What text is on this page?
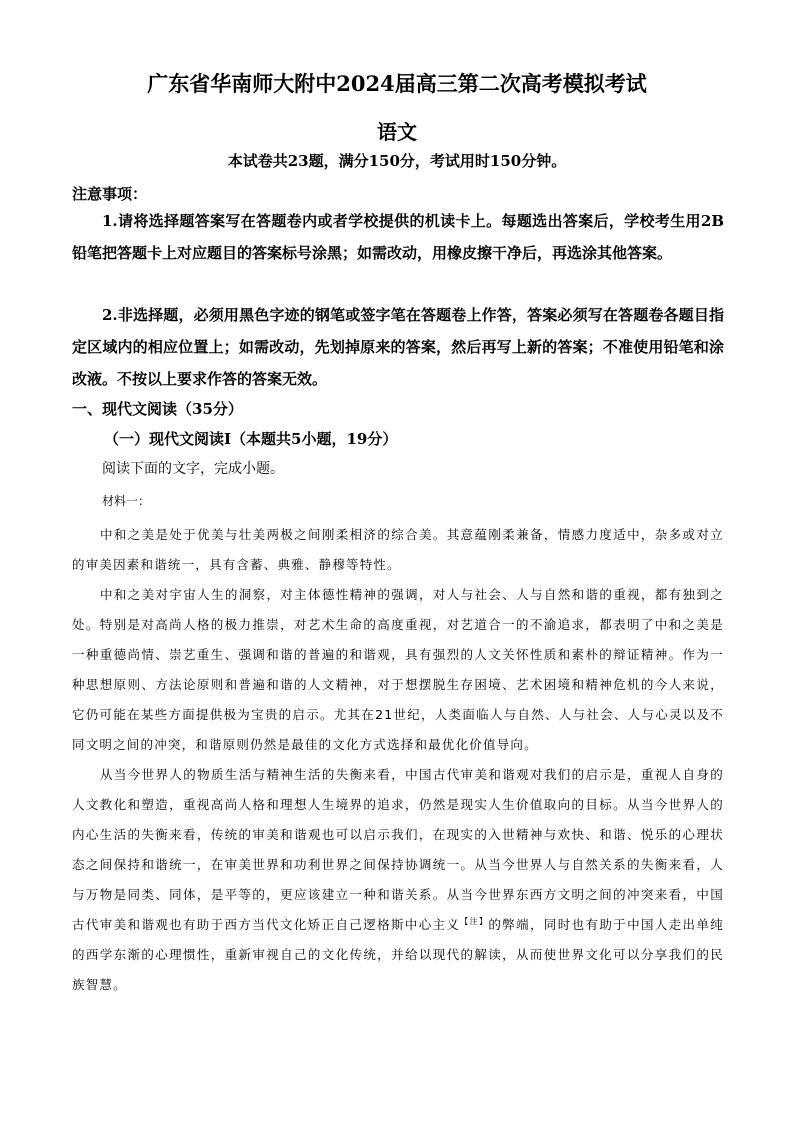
广东省华南师大附中2024届高三第二次高考模拟考试
语文
本试卷共23题，满分150分，考试用时150分钟。
注意事项：

1.请将选择题答案写在答题卷内或者学校提供的机读卡上。每题选出答案后，学校考生用2B铅笔把答题卡上对应题目的答案标号涂黑；如需改动，用橡皮擦干净后，再选涂其他答案。

2.非选择题，必须用黑色字迹的钢笔或签字笔在答题卷上作答，答案必须写在答题卷各题目指定区域内的相应位置上；如需改动，先划掉原来的答案，然后再写上新的答案；不准使用铅笔和涂改液。不按以上要求作答的答案无效。

一、现代文阅读（35分）
（一）现代文阅读Ⅰ（本题共5小题，19分）
阅读下面的文字，完成小题。
材料一：

中和之美是处于优美与壮美两极之间刚柔相济的综合美。其意蕴刚柔兼备，情感力度适中，杂多或对立的审美因素和谐统一，具有含蓄、典雅、静穆等特性。

中和之美对宇宙人生的洞察，对主体德性精神的强调，对人与社会、人与自然和谐的重视，都有独到之处。特别是对高尚人格的极力推崇，对艺术生命的高度重视，对艺道合一的不渝追求，都表明了中和之美是一种重德尚情、崇艺重生、强调和谐的普遍的和谐观，具有强烈的人文关怀性质和素朴的辩证精神。作为一种思想原则、方法论原则和普遍和谐的人文精神，对于想摆脱生存困境、艺术困境和精神危机的今人来说，它仍可能在某些方面提供极为宝贵的启示。尤其在21世纪，人类面临人与自然、人与社会、人与心灵以及不同文明之间的冲突，和谐原则仍然是最佳的文化方式选择和最优化价值导向。

从当今世界人的物质生活与精神生活的失衡来看，中国古代审美和谐观对我们的启示是，重视人自身的人文教化和塑造，重视高尚人格和理想人生境界的追求，仍然是现实人生价值取向的目标。从当今世界人的内心生活的失衡来看，传统的审美和谐观也可以启示我们，在现实的入世精神与欢快、和谐、悦乐的心理状态之间保持和谐统一，在审美世界和功利世界之间保持协调统一。从当今世界人与自然关系的失衡来看，人与万物是同类、同体，是平等的，更应该建立一种和谐关系。从当今世界东西方文明之间的冲突来看，中国古代审美和谐观也有助于西方当代文化矫正自己逻格斯中心主义$^{【注】}$的弊端，同时也有助于中国人走出单纯的西学东渐的心理惯性，重新审视自己的文化传统，并给以现代的解读，从而使世界文化可以分享我们的民族智慧。
